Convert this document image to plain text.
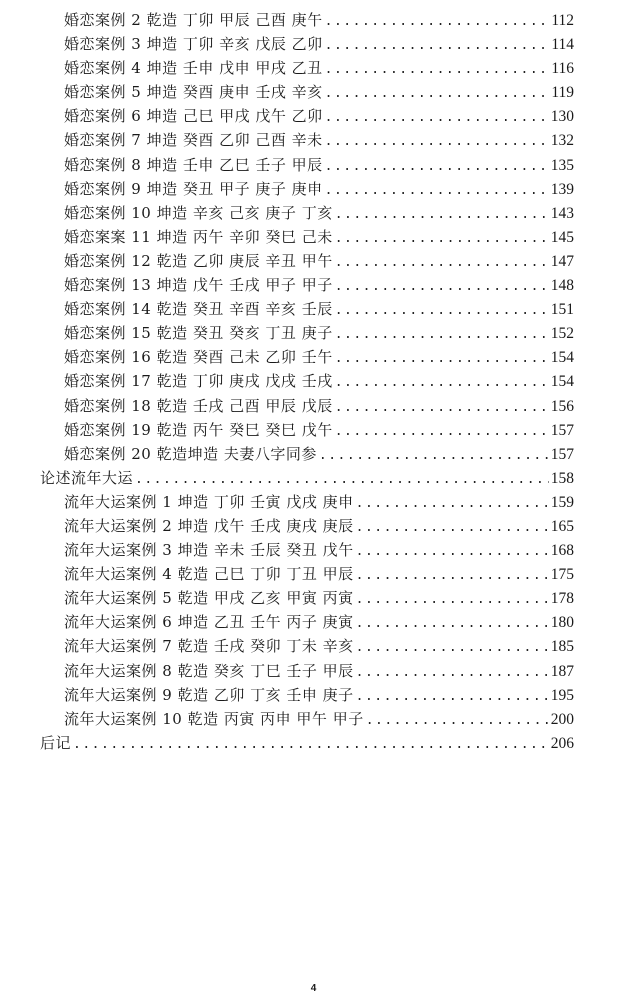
婚恋案例 2 乾造 丁卯 甲辰 己酉 庚午 .....	112
婚恋案例 3 坤造 丁卯 辛亥 戊辰 乙卯 .....	114
婚恋案例 4 坤造 壬申 戊申 甲戌 乙丑 .....	116
婚恋案例 5 坤造 癸酉 庚申 壬戌 辛亥 .....	119
婚恋案例 6 坤造 己巳 甲戌 戊午 乙卯 .....	130
婚恋案例 7 坤造 癸酉 乙卯 己酉 辛未 .....	132
婚恋案例 8 坤造 壬申 乙巳 壬子 甲辰 .....	135
婚恋案例 9 坤造 癸丑 甲子 庚子 庚申 .....	139
婚恋案例 10 坤造 辛亥 己亥 庚子 丁亥 .....	143
婚恋案案 11 坤造 丙午 辛卯 癸巳 己未 .....	145
婚恋案例 12 乾造 乙卯 庚辰 辛丑 甲午 .....	147
婚恋案例 13 坤造 戊午 壬戌 甲子 甲子 .....	148
婚恋案例 14 乾造 癸丑 辛酉 辛亥 壬辰 .....	151
婚恋案例 15 乾造 癸丑 癸亥 丁丑 庚子 .....	152
婚恋案例 16 乾造 癸酉 己未 乙卯 壬午 .....	154
婚恋案例 17 乾造 丁卯 庚戌 戊戌 壬戌 .....	154
婚恋案例 18 乾造 壬戌 己酉 甲辰 戊辰 .....	156
婚恋案例 19 乾造 丙午 癸巳 癸巳 戊午 .....	157
婚恋案例 20 乾造坤造 夫妻八字同参 .....	157
论述流年大运 .....	158
流年大运案例 1 坤造 丁卯 壬寅 戊戌 庚申 .....	159
流年大运案例 2 坤造 戊午 壬戌 庚戌 庚辰 .....	165
流年大运案例 3 坤造 辛未 壬辰 癸丑 戊午 .....	168
流年大运案例 4 乾造 己巳 丁卯 丁丑 甲辰 .....	175
流年大运案例 5 乾造 甲戌 乙亥 甲寅 丙寅 .....	178
流年大运案例 6 坤造 乙丑 壬午 丙子 庚寅 .....	180
流年大运案例 7 乾造 壬戌 癸卯 丁未 辛亥 .....	185
流年大运案例 8 乾造 癸亥 丁巳 壬子 甲辰 .....	187
流年大运案例 9 乾造 乙卯 丁亥 壬申 庚子 .....	195
流年大运案例 10 乾造 丙寅 丙申 甲午 甲子 .....	200
后记 .....	206
4
